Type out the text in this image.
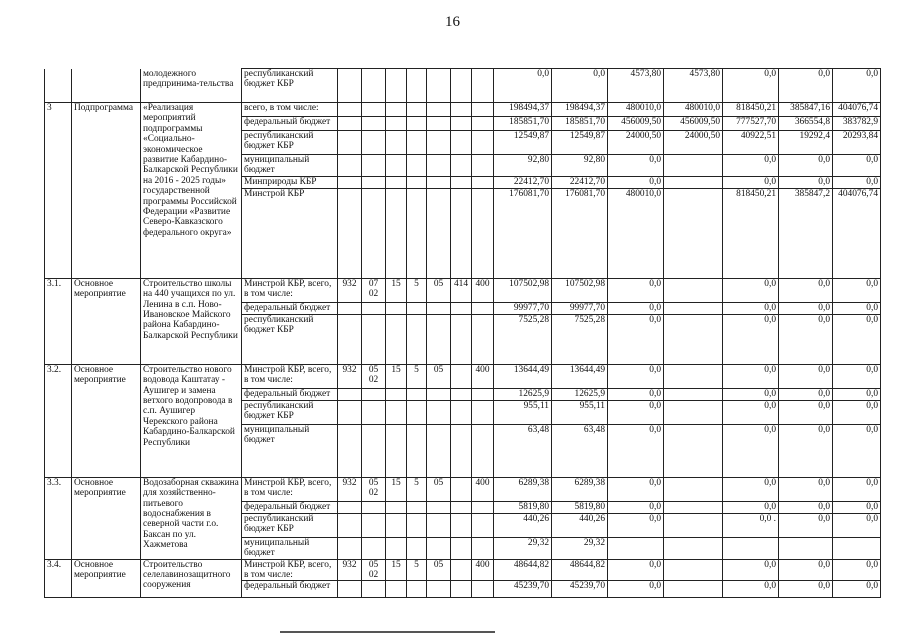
16
		молодежного предпринима-тельства	республиканский бюджет КБР								0,0	0,0	4573,80	4573,80	0,0	0,0	0,0
3	Подпрограмма	«Реализация мероприятий подпрограммы «Социально-экономическое развитие Кабардино-Балкарской Республики на 2016 - 2025 годы» государственной программы Российской Федерации «Развитие Северо-Кавказского федерального округа»	всего, в том числе:								198494,37	198494,37	480010,0	480010,0	818450,21	385847,16	404076,74
			федеральный бюджет								185851,70	185851,70	456009,50	456009,50	777527,70	366554,8	383782,9
			республиканский бюджет КБР								12549,87	12549,87	24000,50	24000,50	40922,51	19292,4	20293,84
			муниципальный бюджет								92,80	92,80	0,0		0,0	0,0	0,0
			Минприроды КБР								22412,70	22412,70	0,0		0,0	0,0	0,0
			Минстрой КБР								176081,70	176081,70	480010,0		818450,21	385847,2	404076,74
3.1.	Основное мероприятие	Строительство школы на 440 учащихся по ул. Ленина в с.п. Ново-Ивановское Майского района Кабардино-Балкарской Республики	Минстрой КБР, всего, в том числе:	932	07 02	15	5	05	414	400	107502,98	107502,98	0,0		0,0	0,0	0,0
			федеральный бюджет								99977,70	99977,70	0,0		0,0	0,0	0,0
			республиканский бюджет КБР								7525,28	7525,28	0,0		0,0	0,0	0,0
3.2.	Основное мероприятие	Строительство нового водовода Каштатау - Аушигер и замена ветхого водопровода в с.п. Аушигер Черекского района Кабардино-Балкарской Республики	Минстрой КБР, всего, в том числе:	932	05 02	15	5	05		400	13644,49	13644,49	0,0		0,0	0,0	0,0
			федеральный бюджет								12625,9	12625,9	0,0		0,0	0,0	0,0
			республиканский бюджет КБР								955,11	955,11	0,0		0,0	0,0	0,0
			муниципальный бюджет								63,48	63,48	0,0		0,0	0,0	0,0
3.3.	Основное мероприятие	Водозаборная скважина для хозяйственно-питьевого водоснабжения в северной части г.о. Баксан по ул. Хажметова	Минстрой КБР, всего, в том числе:	932	05 02	15	5	05		400	6289,38	6289,38	0,0		0,0	0,0	0,0
			федеральный бюджет								5819,80	5819,80	0,0		0,0	0,0	0,0
			республиканский бюджет КБР								440,26	440,26	0,0		0,0 .	0,0	0,0
			муниципальный бюджет								29,32	29,32					
3.4.	Основное мероприятие	Строительство селелавинозащитного сооружения	Минстрой КБР, всего, в том числе:	932	05 02	15	5	05		400	48644,82	48644,82	0,0		0,0	0,0	0,0
			федеральный бюджет								45239,70	45239,70	0,0		0,0	0,0	0,0
